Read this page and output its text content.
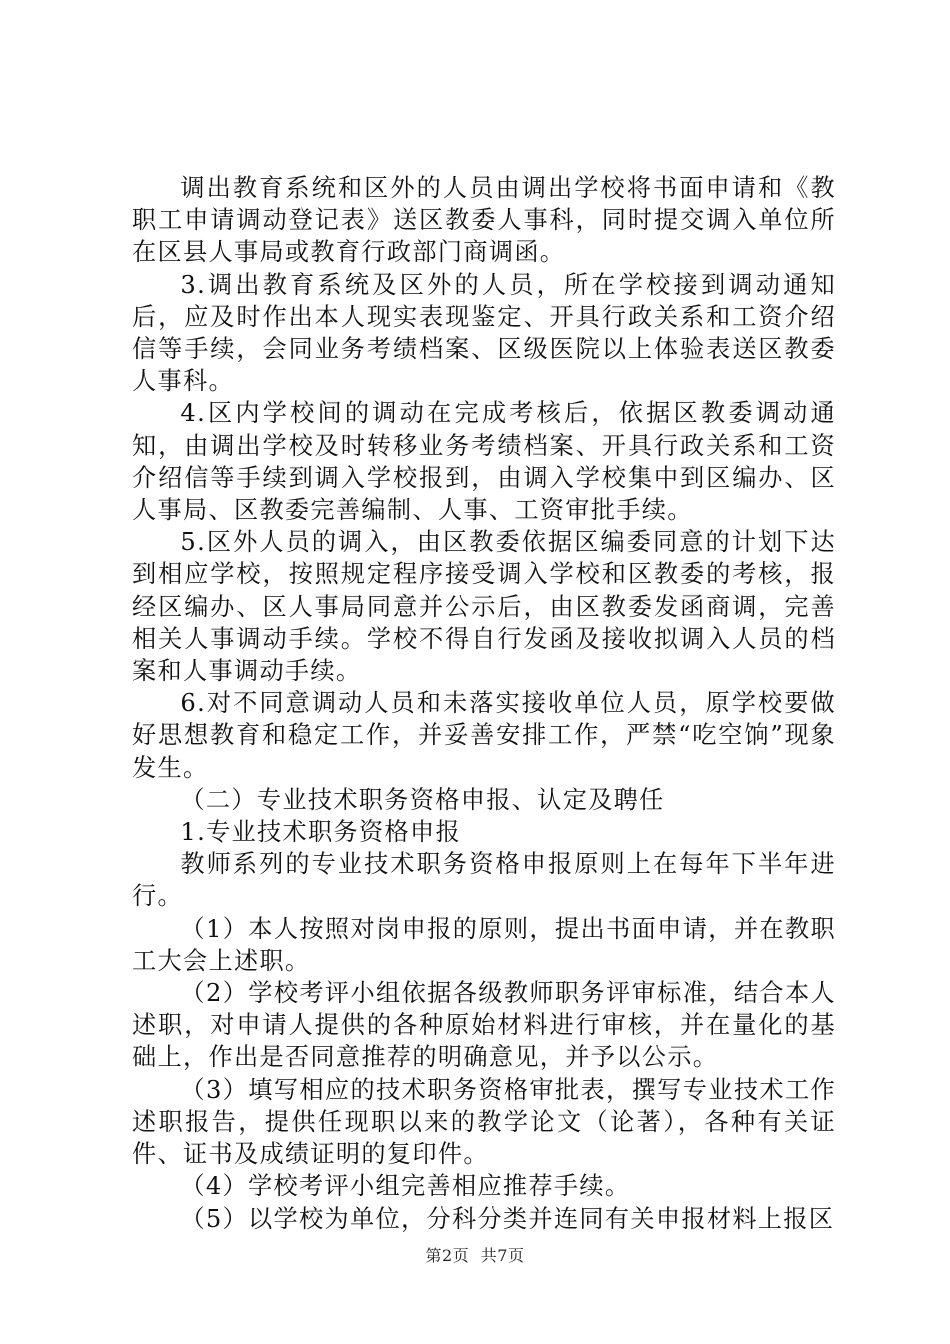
调出教育系统和区外的人员由调出学校将书面申请和《教职工申请调动登记表》送区教委人事科，同时提交调入单位所在区县人事局或教育行政部门商调函。

3.调出教育系统及区外的人员，所在学校接到调动通知后，应及时作出本人现实表现鉴定、开具行政关系和工资介绍信等手续，会同业务考绩档案、区级医院以上体验表送区教委人事科。

4.区内学校间的调动在完成考核后，依据区教委调动通知，由调出学校及时转移业务考绩档案、开具行政关系和工资介绍信等手续到调入学校报到，由调入学校集中到区编办、区人事局、区教委完善编制、人事、工资审批手续。

5.区外人员的调入，由区教委依据区编委同意的计划下达到相应学校，按照规定程序接受调入学校和区教委的考核，报经区编办、区人事局同意并公示后，由区教委发函商调，完善相关人事调动手续。学校不得自行发函及接收拟调入人员的档案和人事调动手续。

6.对不同意调动人员和未落实接收单位人员，原学校要做好思想教育和稳定工作，并妥善安排工作，严禁“吃空饷”现象发生。

（二）专业技术职务资格申报、认定及聘任

1.专业技术职务资格申报

教师系列的专业技术职务资格申报原则上在每年下半年进行。

（1）本人按照对岗申报的原则，提出书面申请，并在教职工大会上述职。

（2）学校考评小组依据各级教师职务评审标准，结合本人述职，对申请人提供的各种原始材料进行审核，并在量化的基础上，作出是否同意推荐的明确意见，并予以公示。

（3）填写相应的技术职务资格审批表，撰写专业技术工作述职报告，提供任现职以来的教学论文（论著），各种有关证件、证书及成绩证明的复印件。

（4）学校考评小组完善相应推荐手续。

（5）以学校为单位，分科分类并连同有关申报材料上报区

第2页 共7页
